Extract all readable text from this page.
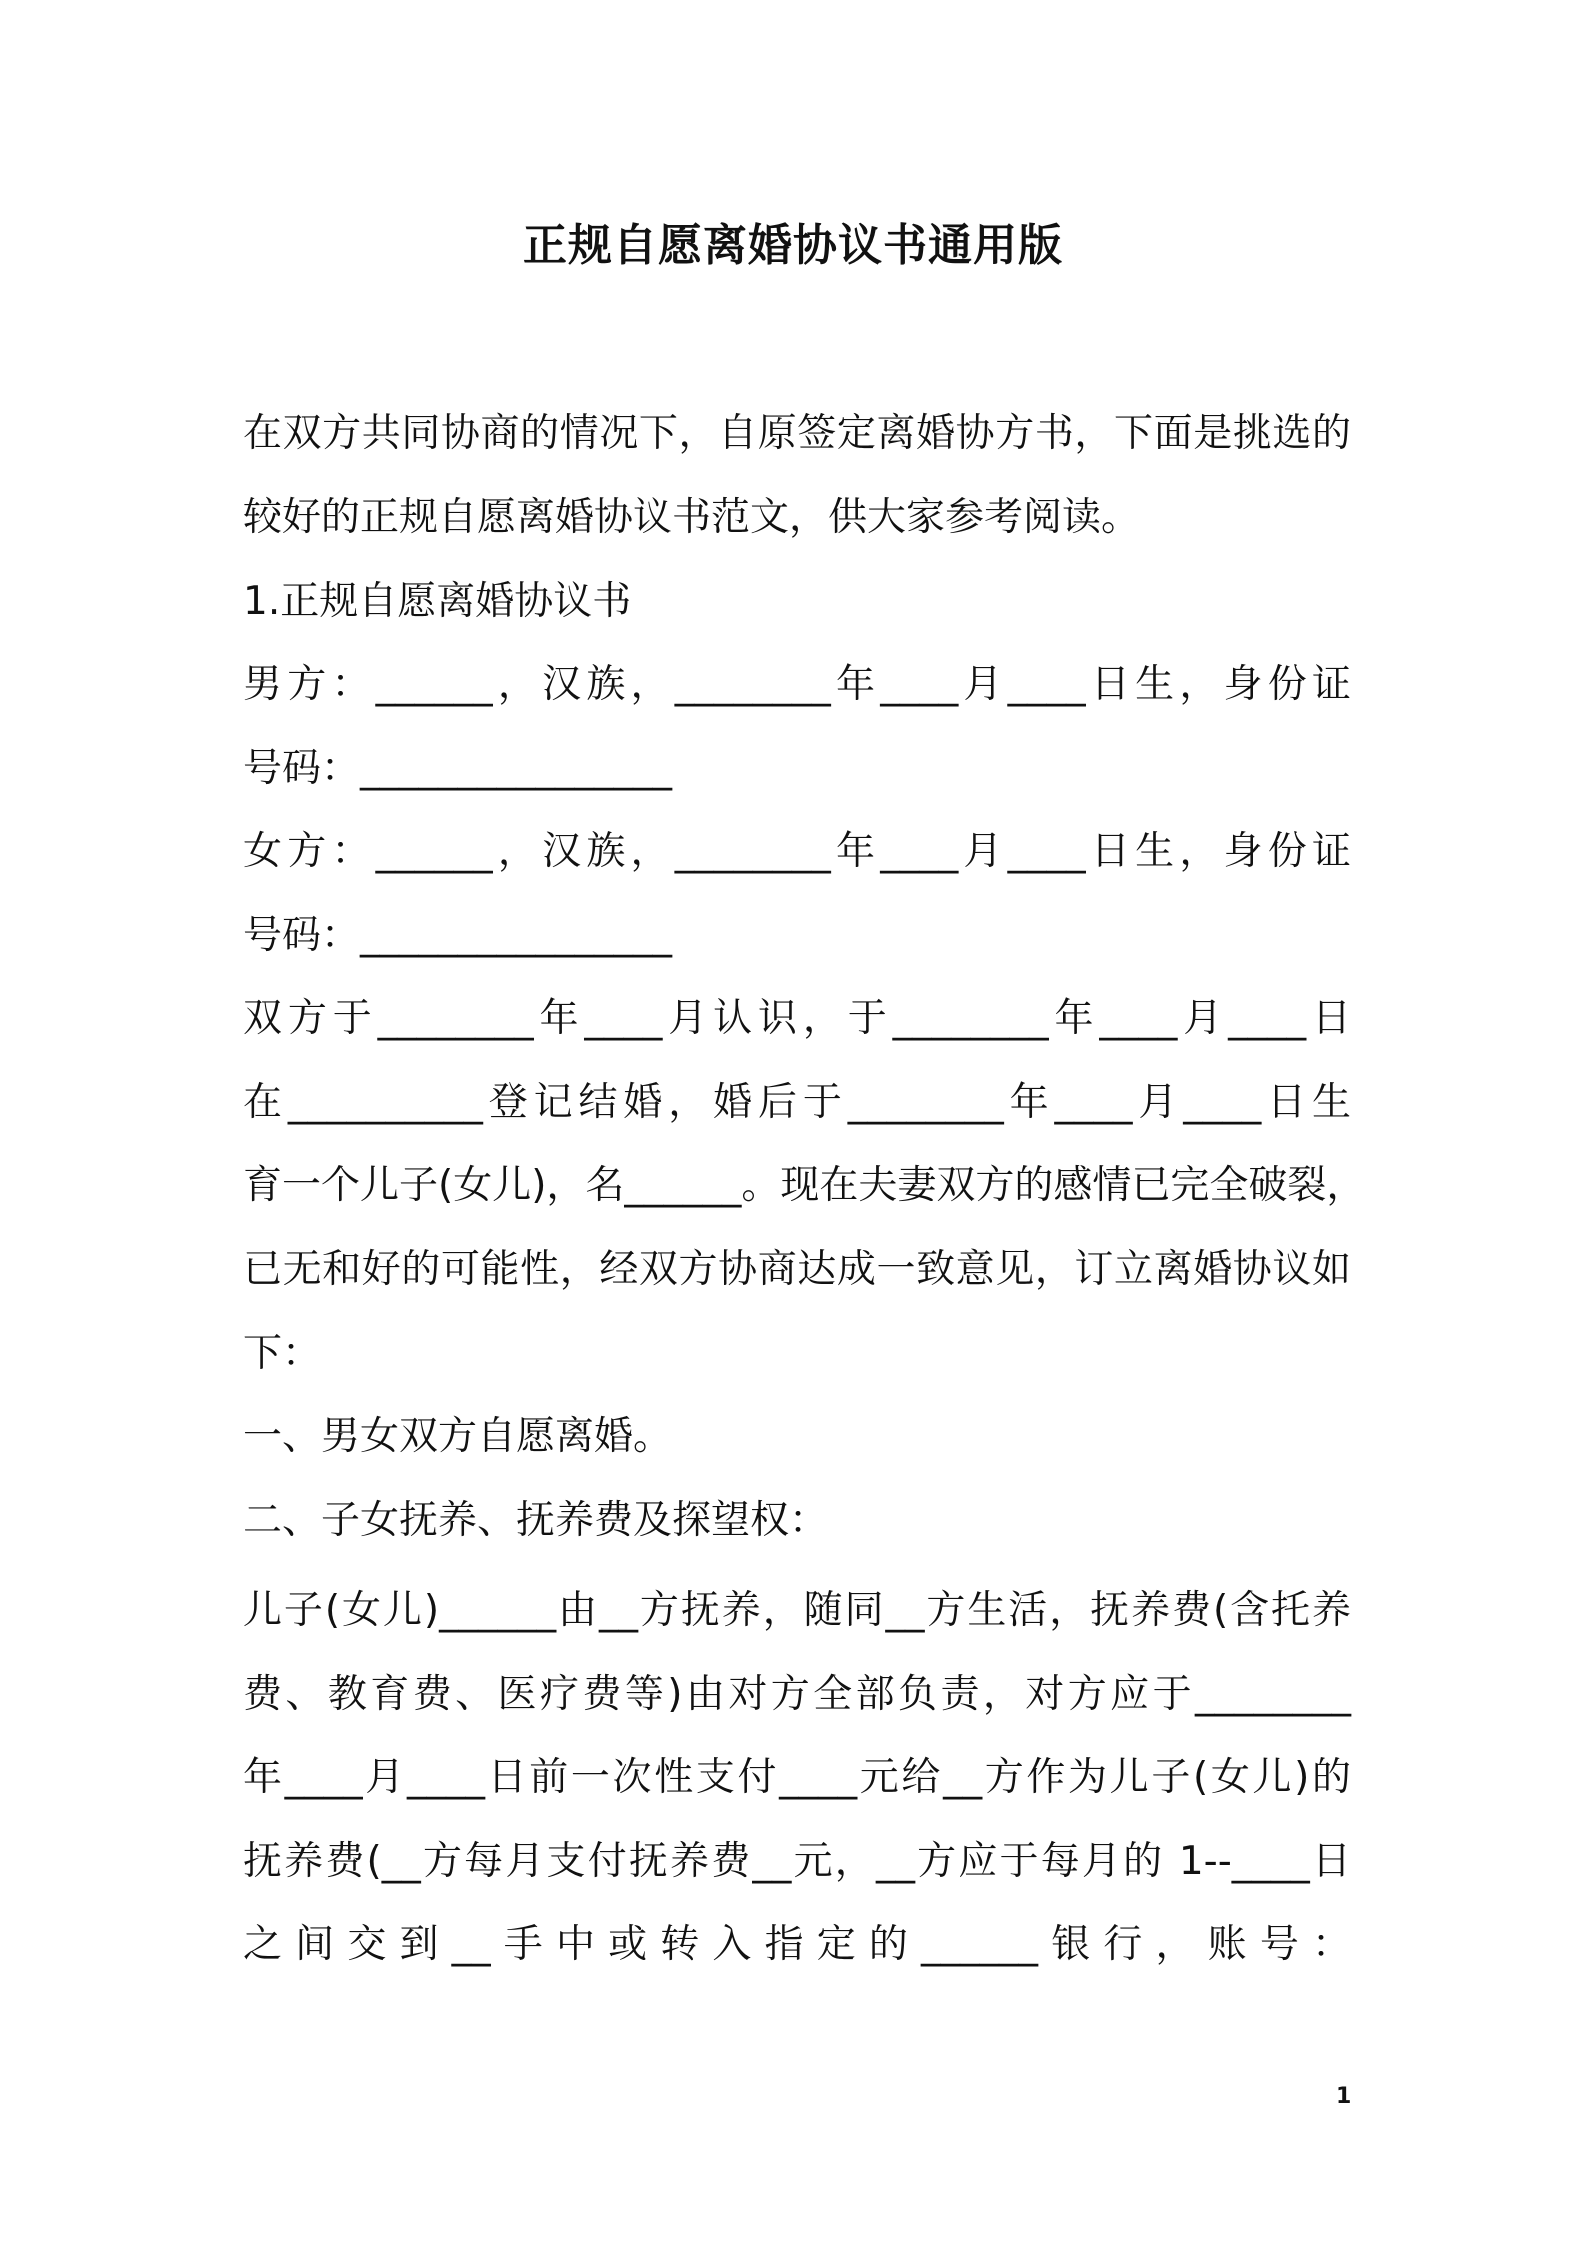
正规自愿离婚协议书通用版
在双方共同协商的情况下，自原签定离婚协方书，下面是挑选的
较好的正规自愿离婚协议书范文，供大家参考阅读。
1.正规自愿离婚协议书
男方：______，汉族，________年____月____日生，身份证
号码：________________
女方：______，汉族，________年____月____日生，身份证
号码：________________
双方于________年____月认识，于________年____月____日
在__________登记结婚，婚后于________年____月____日生
育一个儿子(女儿)，名______。现在夫妻双方的感情已完全破裂，
已无和好的可能性，经双方协商达成一致意见，订立离婚协议如
下：
一、男女双方自愿离婚。
二、子女抚养、抚养费及探望权：
儿子(女儿)______由__方抚养，随同__方生活，抚养费(含托养
费、教育费、医疗费等)由对方全部负责，对方应于________
年____月____日前一次性支付____元给__方作为儿子(女儿)的
抚养费(__方每月支付抚养费__元，__方应于每月的 1--____日
之间交到__手中或转入指定的______银行，账号：
1
